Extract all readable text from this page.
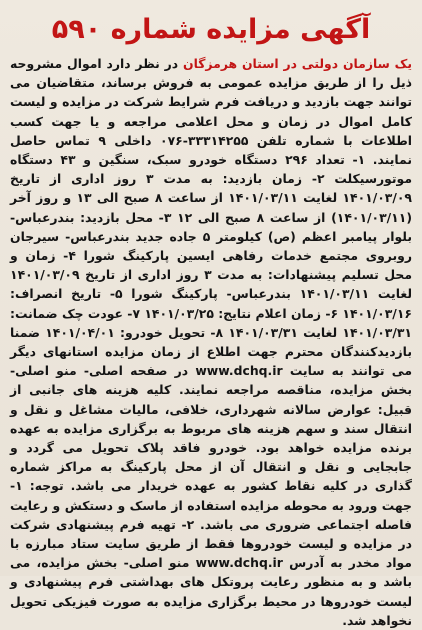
آگهی مزایده شماره ۵۹۰
یک سازمان دولتی در استان هرمزگان در نظر دارد اموال مشروحه ذیل را از طریق مزایده عمومی به فروش برساند، متقاضیان می توانند جهت بازدید و دریافت فرم شرایط شرکت در مزایده و لیست کامل اموال در زمان و محل اعلامی مراجعه و یا جهت کسب اطلاعات با شماره تلفن ۳۳۳۱۴۲۵۵-۰۷۶ داخلی ۹ تماس حاصل نمایند. ۱- تعداد ۲۹۶ دستگاه خودرو سبک، سنگین و ۴۳ دستگاه موتورسیکلت ۲- زمان بازدید: به مدت ۳ روز اداری از تاریخ ۱۴۰۱/۰۳/۰۹ لغایت ۱۴۰۱/۰۳/۱۱ از ساعت ۸ صبح الی ۱۳ و روز آخر (۱۴۰۱/۰۳/۱۱) از ساعت ۸ صبح الی ۱۲ ۳- محل بازدید: بندرعباس- بلوار پیامبر اعظم (ص) کیلومتر ۵ جاده جدید بندرعباس- سیرجان روبروی مجتمع خدمات رفاهی ایسین پارکینگ شورا ۴- زمان و محل تسلیم پیشنهادات: به مدت ۳ روز اداری از تاریخ ۱۴۰۱/۰۳/۰۹ لغایت ۱۴۰۱/۰۳/۱۱ بندرعباس- پارکینگ شورا ۵- تاریخ انصراف: ۱۴۰۱/۰۳/۱۶ ۶- زمان اعلام نتایج: ۱۴۰۱/۰۳/۲۵ ۷- عودت چک ضمانت: ۱۴۰۱/۰۳/۳۱ لغایت ۱۴۰۱/۰۳/۳۱ ۸- تحویل خودرو: ۱۴۰۱/۰۴/۰۱ ضمنا بازدیدکنندگان محترم جهت اطلاع از زمان مزایده استانهای دیگر می توانند به سایت www.dchq.ir در صفحه اصلی- منو اصلی- بخش مزایده، مناقصه مراجعه نمایند. کلیه هزینه های جانبی از قبیل: عوارض سالانه شهرداری، خلافی، مالیات مشاغل و نقل و انتقال سند و سهم هزینه های مربوط به برگزاری مزایده به عهده برنده مزایده خواهد بود. خودرو فاقد پلاک تحویل می گردد و جابجایی و نقل و انتقال آن از محل پارکینگ به مراکز شماره گذاری در کلیه نقاط کشور به عهده خریدار می باشد. توجه: ۱- جهت ورود به محوطه مزایده استفاده از ماسک و دستکش و رعایت فاصله اجتماعی ضروری می باشد. ۲- تهیه فرم پیشنهادی شرکت در مزایده و لیست خودروها فقط از طریق سایت ستاد مبارزه با مواد مخدر به آدرس www.dchq.ir منو اصلی- بخش مزایده، می باشد و به منظور رعایت پروتکل های بهداشتی فرم پیشنهادی و لیست خودروها در محیط برگزاری مزایده به صورت فیزیکی تحویل نخواهد شد.
